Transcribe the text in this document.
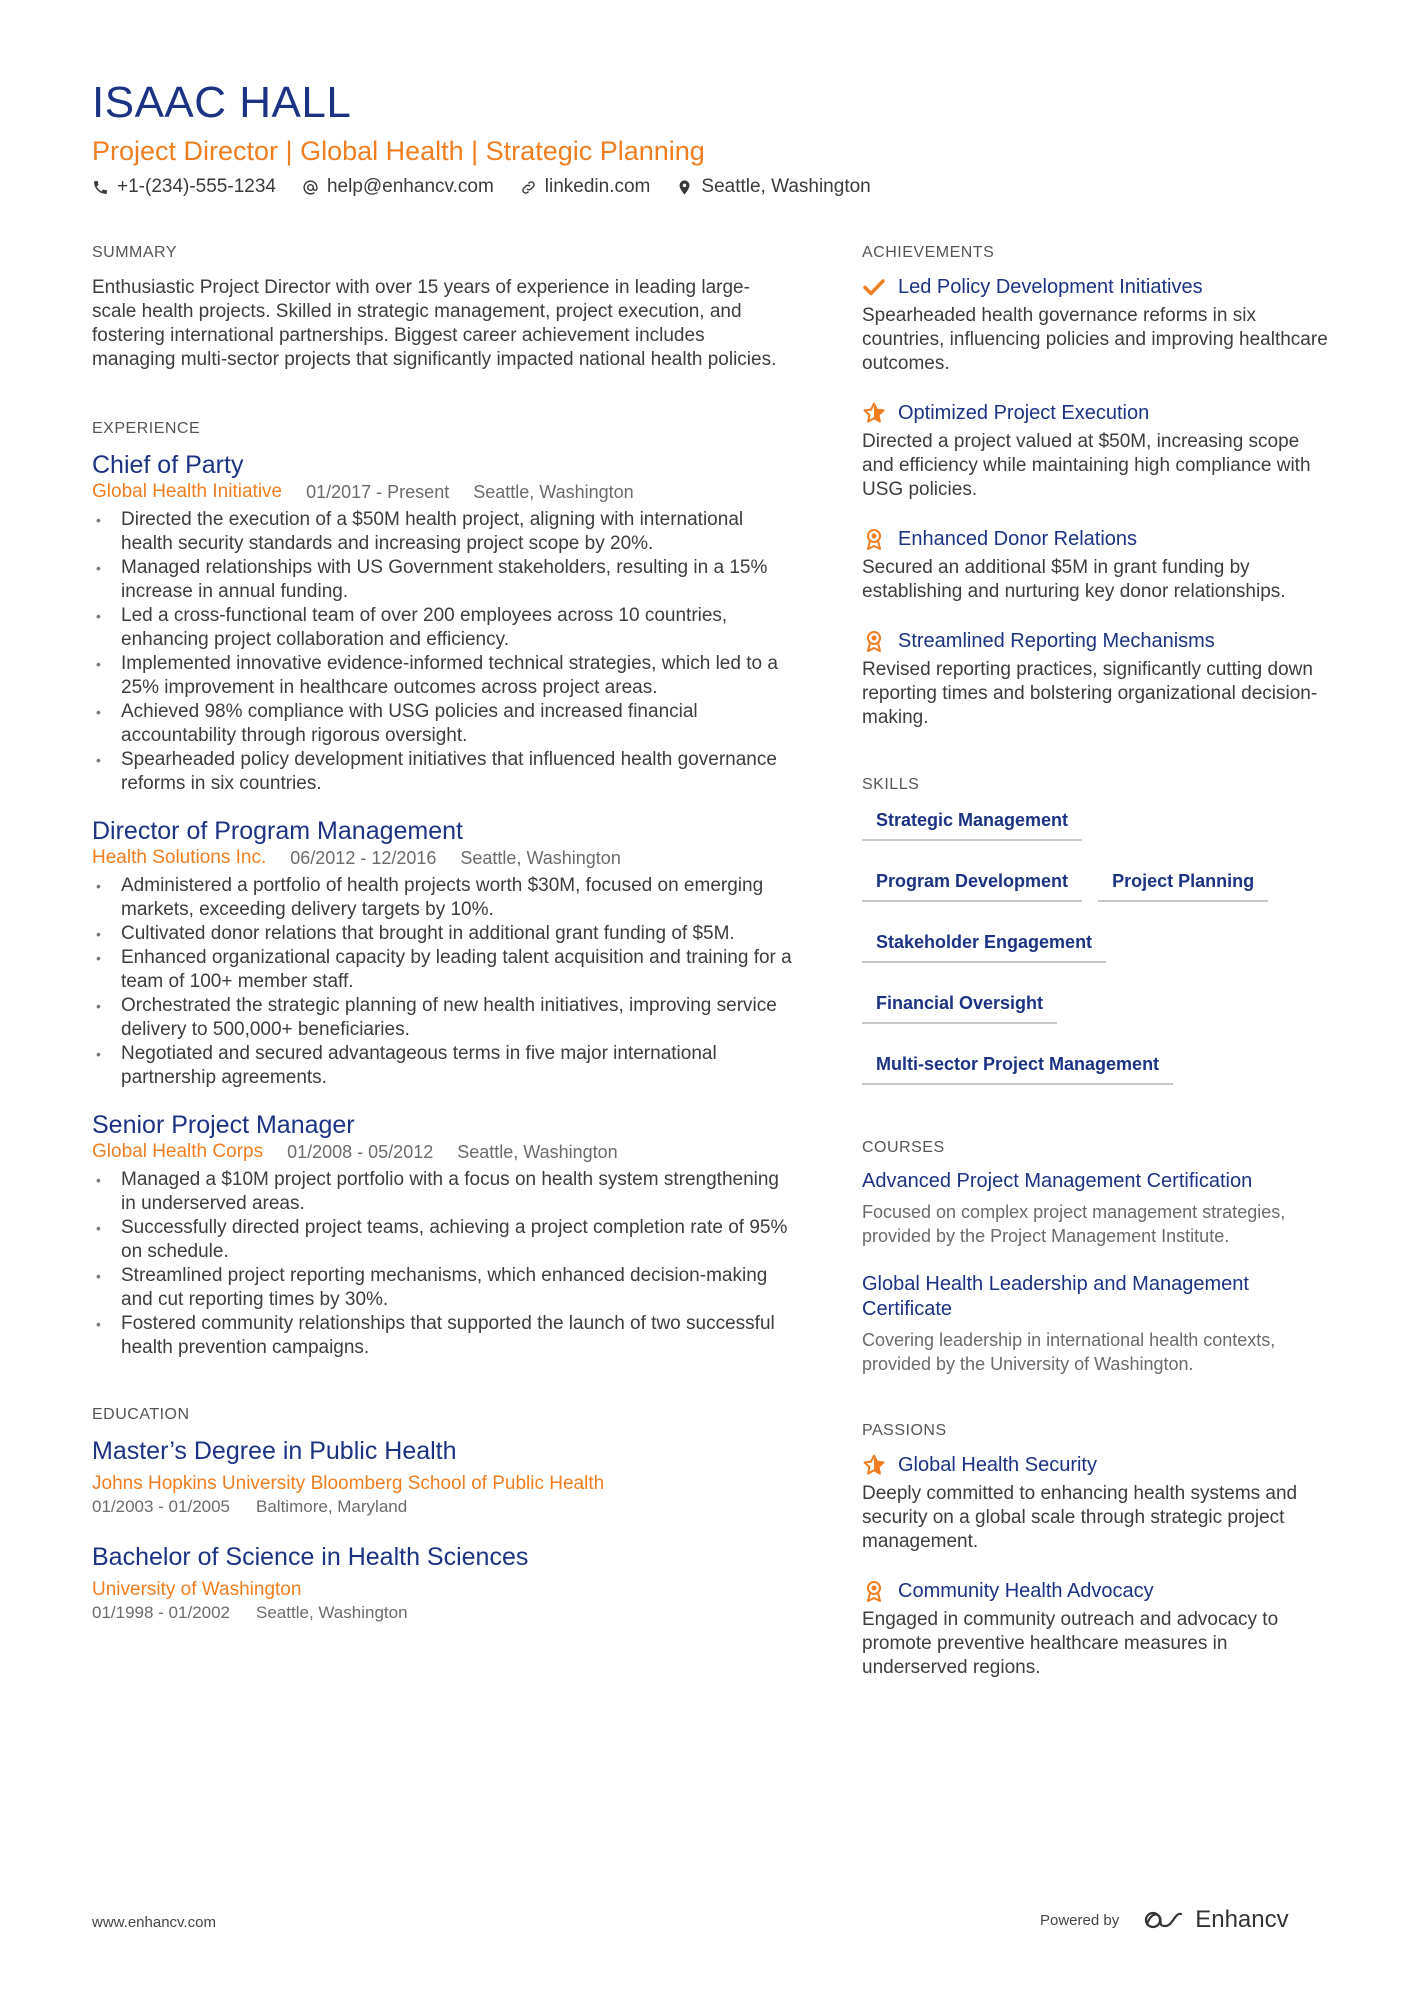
ISAAC HALL
Project Director | Global Health | Strategic Planning
+1-(234)-555-1234	help@enhancv.com	linkedin.com	Seattle, Washington
SUMMARY

Enthusiastic Project Director with over 15 years of experience in leading large-scale health projects. Skilled in strategic management, project execution, and fostering international partnerships. Biggest career achievement includes managing multi-sector projects that significantly impacted national health policies.

EXPERIENCE
Chief of Party
Global Health Initiative 01/2017 - Present Seattle, Washington
• Directed the execution of a $50M health project, aligning with international health security standards and increasing project scope by 20%.
• Managed relationships with US Government stakeholders, resulting in a 15% increase in annual funding.
• Led a cross-functional team of over 200 employees across 10 countries, enhancing project collaboration and efficiency.
• Implemented innovative evidence-informed technical strategies, which led to a 25% improvement in healthcare outcomes across project areas.
• Achieved 98% compliance with USG policies and increased financial accountability through rigorous oversight.
• Spearheaded policy development initiatives that influenced health governance reforms in six countries.
Director of Program Management
Health Solutions Inc. 06/2012 - 12/2016 Seattle, Washington
• Administered a portfolio of health projects worth $30M, focused on emerging markets, exceeding delivery targets by 10%.
• Cultivated donor relations that brought in additional grant funding of $5M.
• Enhanced organizational capacity by leading talent acquisition and training for a team of 100+ member staff.
• Orchestrated the strategic planning of new health initiatives, improving service delivery to 500,000+ beneficiaries.
• Negotiated and secured advantageous terms in five major international partnership agreements.
Senior Project Manager
Global Health Corps 01/2008 - 05/2012 Seattle, Washington
• Managed a $10M project portfolio with a focus on health system strengthening in underserved areas.
• Successfully directed project teams, achieving a project completion rate of 95% on schedule.
• Streamlined project reporting mechanisms, which enhanced decision-making and cut reporting times by 30%.
• Fostered community relationships that supported the launch of two successful health prevention campaigns.
EDUCATION
Master’s Degree in Public Health
Johns Hopkins University Bloomberg School of Public Health
01/2003 - 01/2005 Baltimore, Maryland
Bachelor of Science in Health Sciences
University of Washington
01/1998 - 01/2002 Seattle, Washington
ACHIEVEMENTS
Led Policy Development Initiatives
Spearheaded health governance reforms in six countries, influencing policies and improving healthcare outcomes.
Optimized Project Execution
Directed a project valued at $50M, increasing scope and efficiency while maintaining high compliance with USG policies.
Enhanced Donor Relations
Secured an additional $5M in grant funding by establishing and nurturing key donor relationships.
Streamlined Reporting Mechanisms
Revised reporting practices, significantly cutting down reporting times and bolstering organizational decision-making.
SKILLS
Strategic Management
Program Development Project Planning
Stakeholder Engagement
Financial Oversight
Multi-sector Project Management
COURSES
Advanced Project Management Certification
Focused on complex project management strategies, provided by the Project Management Institute.
Global Health Leadership and Management Certificate
Covering leadership in international health contexts, provided by the University of Washington.
PASSIONS
Global Health Security
Deeply committed to enhancing health systems and security on a global scale through strategic project management.
Community Health Advocacy
Engaged in community outreach and advocacy to promote preventive healthcare measures in underserved regions.
www.enhancv.com	Powered by	Enhancv
